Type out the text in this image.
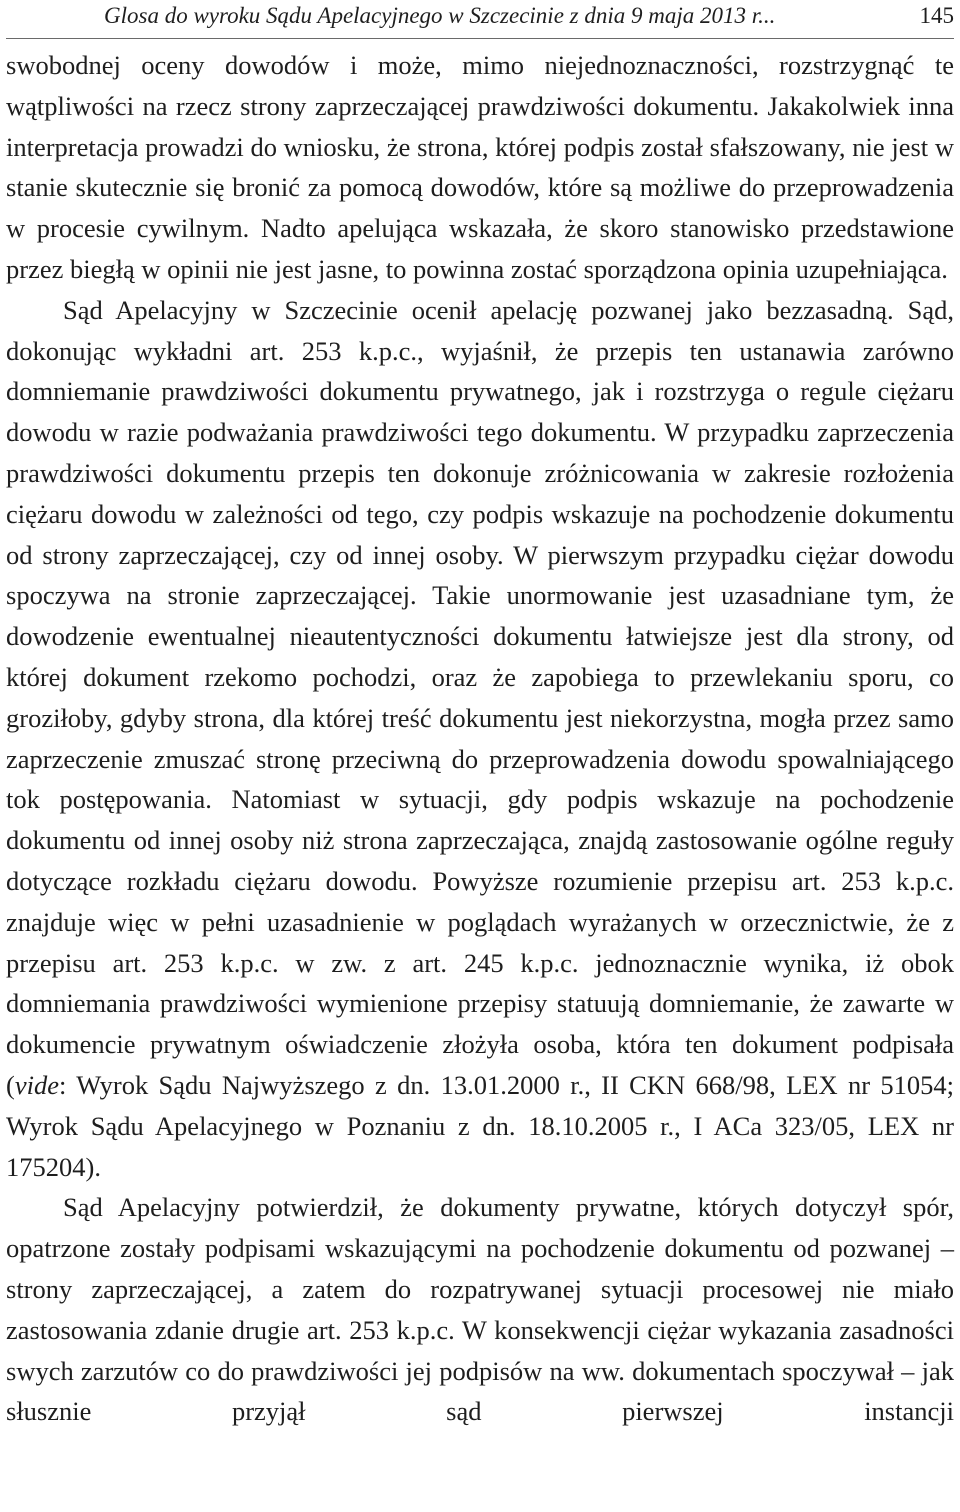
Glosa do wyroku Sądu Apelacyjnego w Szczecinie z dnia 9 maja 2013 r...	145

swobodnej oceny dowodów i może, mimo niejednoznaczności, rozstrzygnąć te wątpliwości na rzecz strony zaprzeczającej prawdziwości dokumentu. Jakakolwiek inna interpretacja prowadzi do wniosku, że strona, której podpis został sfałszowany, nie jest w stanie skutecznie się bronić za pomocą dowodów, które są możliwe do przeprowadzenia w procesie cywilnym. Nadto apelująca wskazała, że skoro stanowisko przedstawione przez biegłą w opinii nie jest jasne, to powinna zostać sporządzona opinia uzupełniająca.

Sąd Apelacyjny w Szczecinie ocenił apelację pozwanej jako bezzasadną. Sąd, dokonując wykładni art. 253 k.p.c., wyjaśnił, że przepis ten ustanawia zarówno domniemanie prawdziwości dokumentu prywatnego, jak i rozstrzyga o regule ciężaru dowodu w razie podważania prawdziwości tego dokumentu. W przypadku zaprzeczenia prawdziwości dokumentu przepis ten dokonuje zróżnicowania w zakresie rozłożenia ciężaru dowodu w zależności od tego, czy podpis wskazuje na pochodzenie dokumentu od strony zaprzeczającej, czy od innej osoby. W pierwszym przypadku ciężar dowodu spoczywa na stronie zaprzeczającej. Takie unormowanie jest uzasadniane tym, że dowodzenie ewentualnej nieautentyczności dokumentu łatwiejsze jest dla strony, od której dokument rzekomo pochodzi, oraz że zapobiega to przewlekaniu sporu, co groziłoby, gdyby strona, dla której treść dokumentu jest niekorzystna, mogła przez samo zaprzeczenie zmuszać stronę przeciwną do przeprowadzenia dowodu spowalniającego tok postępowania. Natomiast w sytuacji, gdy podpis wskazuje na pochodzenie dokumentu od innej osoby niż strona zaprzeczająca, znajdą zastosowanie ogólne reguły dotyczące rozkładu ciężaru dowodu. Powyższe rozumienie przepisu art. 253 k.p.c. znajduje więc w pełni uzasadnienie w poglądach wyrażanych w orzecznictwie, że z przepisu art. 253 k.p.c. w zw. z art. 245 k.p.c. jednoznacznie wynika, iż obok domniemania prawdziwości wymienione przepisy statuują domniemanie, że zawarte w dokumencie prywatnym oświadczenie złożyła osoba, która ten dokument podpisała (vide: Wyrok Sądu Najwyższego z dn. 13.01.2000 r., II CKN 668/98, LEX nr 51054; Wyrok Sądu Apelacyjnego w Poznaniu z dn. 18.10.2005 r., I ACa 323/05, LEX nr 175204).

Sąd Apelacyjny potwierdził, że dokumenty prywatne, których dotyczył spór, opatrzone zostały podpisami wskazującymi na pochodzenie dokumentu od pozwanej – strony zaprzeczającej, a zatem do rozpatrywanej sytuacji procesowej nie miało zastosowania zdanie drugie art. 253 k.p.c. W konsekwencji ciężar wykazania zasadności swych zarzutów co do prawdziwości jej podpisów na ww. dokumentach spoczywał – jak słusznie przyjął sąd pierwszej instancji
